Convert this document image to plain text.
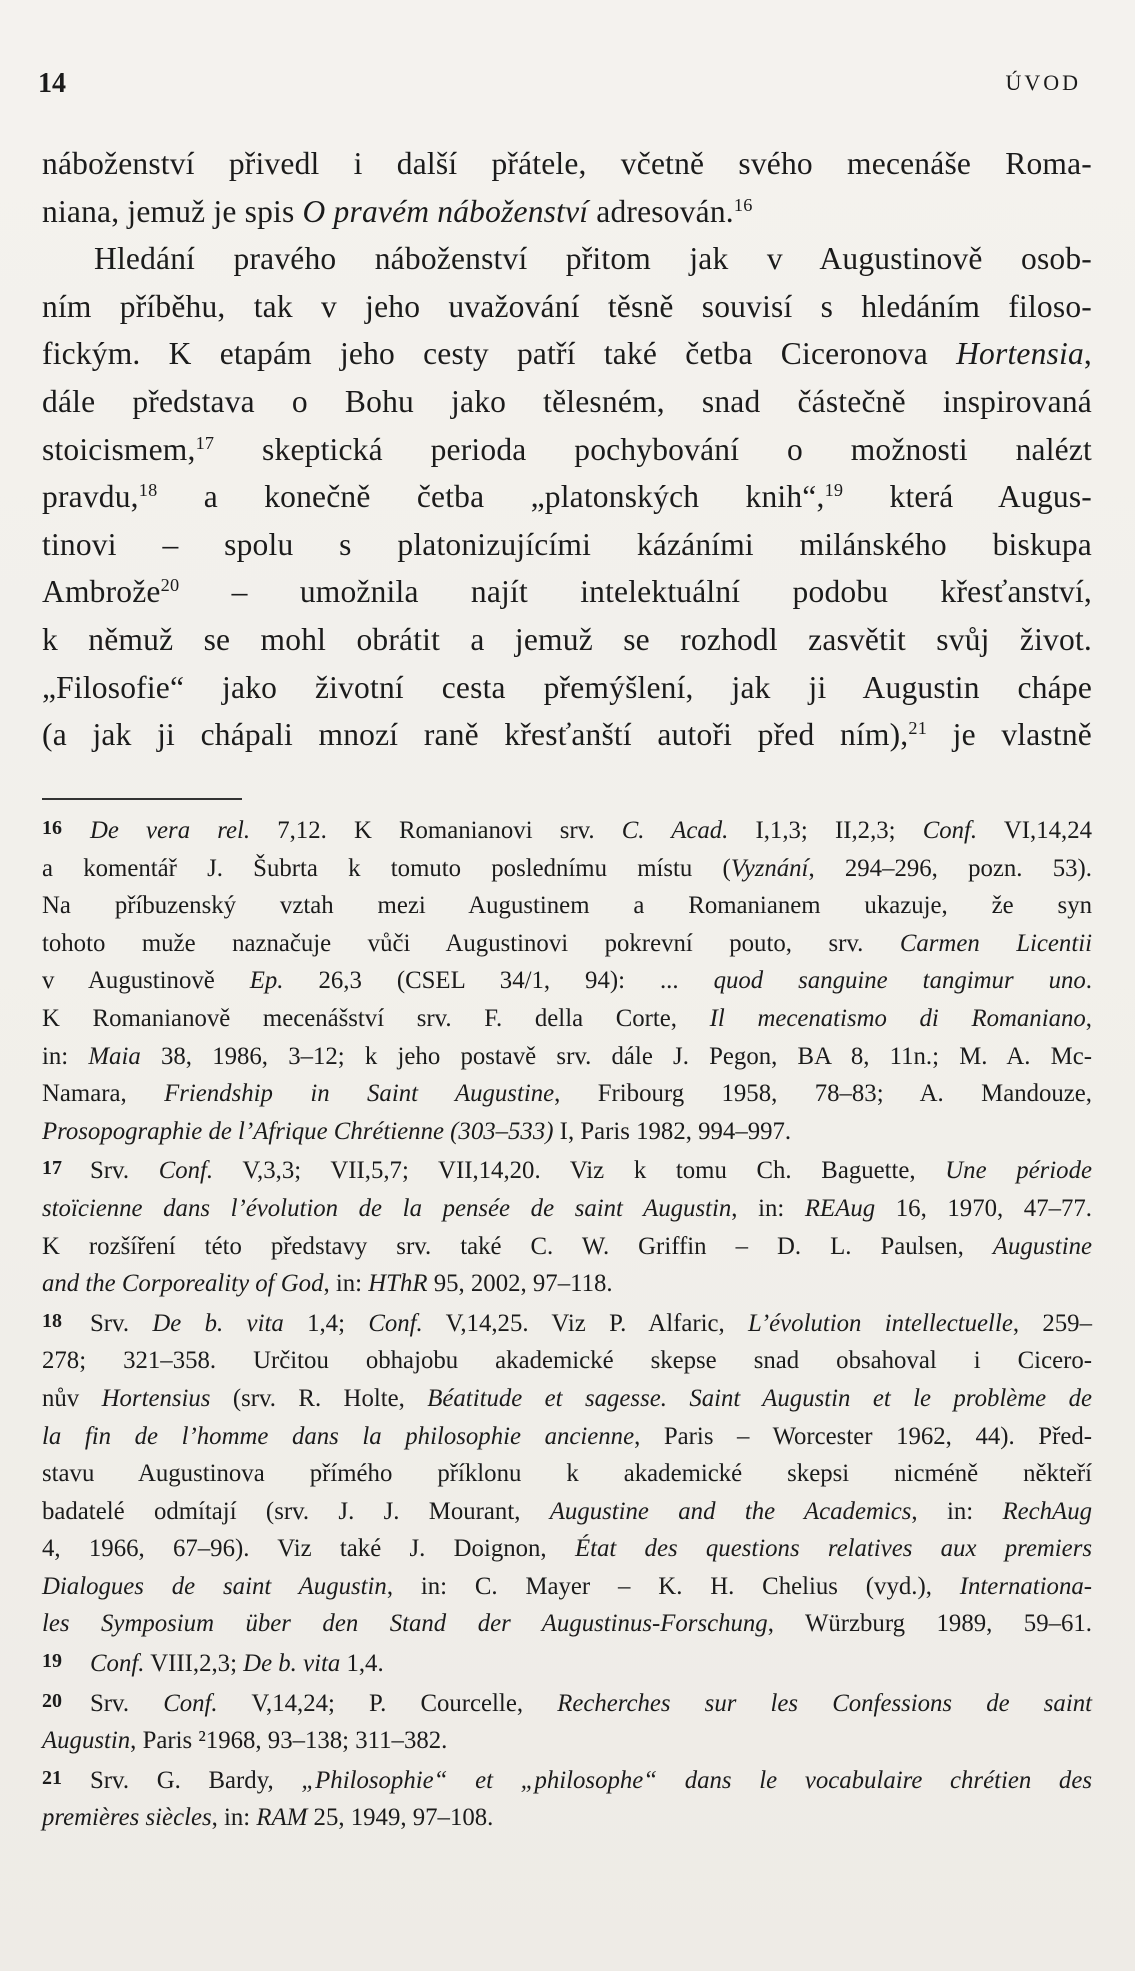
14	ÚVOD
náboženství přivedl i další přátele, včetně svého mecenáše Roma-
niana, jemuž je spis O pravém náboženství adresován.$^{16}$
Hledání pravého náboženství přitom jak v Augustinově osob-
ním příběhu, tak v jeho uvažování těsně souvisí s hledáním filoso-
fickým. K etapám jeho cesty patří také četba Ciceronova Hortensia,
dále představa o Bohu jako tělesném, snad částečně inspirovaná
stoicismem,$^{17}$ skeptická perioda pochybování o možnosti nalézt
pravdu,$^{18}$ a konečně četba „platonských knih“,$^{19}$ která Augus-
tinovi – spolu s platonizujícími kázáními milánského biskupa
Ambrože$^{20}$ – umožnila najít intelektuální podobu křesťanství,
k němuž se mohl obrátit a jemuž se rozhodl zasvětit svůj život.
„Filosofie“ jako životní cesta přemýšlení, jak ji Augustin chápe
(a jak ji chápali mnozí raně křesťanští autoři před ním),$^{21}$ je vlastně
16 De vera rel. 7,12. K Romanianovi srv. C. Acad. I,1,3; II,2,3; Conf. VI,14,24
a komentář J. Šubrta k tomuto poslednímu místu (Vyznání, 294–296, pozn. 53).
Na příbuzenský vztah mezi Augustinem a Romanianem ukazuje, že syn
tohoto muže naznačuje vůči Augustinovi pokrevní pouto, srv. Carmen Licentii
v Augustinově Ep. 26,3 (CSEL 34/1, 94): ... quod sanguine tangimur uno.
K Romanianově mecenášství srv. F. della Corte, Il mecenatismo di Romaniano,
in: Maia 38, 1986, 3–12; k jeho postavě srv. dále J. Pegon, BA 8, 11n.; M. A. Mc-
Namara, Friendship in Saint Augustine, Fribourg 1958, 78–83; A. Mandouze,
Prosopographie de l’Afrique Chrétienne (303–533) I, Paris 1982, 994–997.
17 Srv. Conf. V,3,3; VII,5,7; VII,14,20. Viz k tomu Ch. Baguette, Une période
stoïcienne dans l’évolution de la pensée de saint Augustin, in: REAug 16, 1970, 47–77.
K rozšíření této představy srv. také C. W. Griffin – D. L. Paulsen, Augustine
and the Corporeality of God, in: HThR 95, 2002, 97–118.
18 Srv. De b. vita 1,4; Conf. V,14,25. Viz P. Alfaric, L’évolution intellectuelle, 259–
278; 321–358. Určitou obhajobu akademické skepse snad obsahoval i Cicero-
nův Hortensius (srv. R. Holte, Béatitude et sagesse. Saint Augustin et le problème de
la fin de l’homme dans la philosophie ancienne, Paris – Worcester 1962, 44). Před-
stavu Augustinova přímého příklonu k akademické skepsi nicméně někteří
badatelé odmítají (srv. J. J. Mourant, Augustine and the Academics, in: RechAug
4, 1966, 67–96). Viz také J. Doignon, État des questions relatives aux premiers
Dialogues de saint Augustin, in: C. Mayer – K. H. Chelius (vyd.), Internationa-
les Symposium über den Stand der Augustinus-Forschung, Würzburg 1989, 59–61.
19 Conf. VIII,2,3; De b. vita 1,4.
20 Srv. Conf. V,14,24; P. Courcelle, Recherches sur les Confessions de saint
Augustin, Paris ²1968, 93–138; 311–382.
21 Srv. G. Bardy, „Philosophie“ et „philosophe“ dans le vocabulaire chrétien des
premières siècles, in: RAM 25, 1949, 97–108.
